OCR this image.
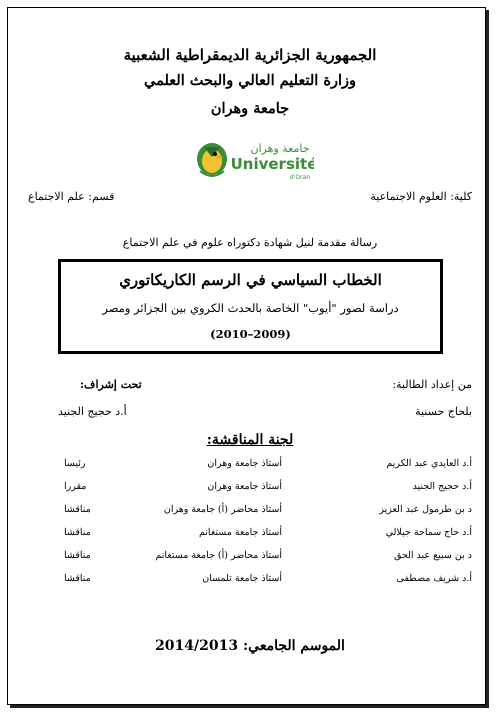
الجمهورية الجزائرية الديمقراطية الشعبية
وزارة التعليم العالي والبحث العلمي
جامعة وهران
جامعة وهران
Université
d'Oran
كلية: العلوم الاجتماعية
قسم: علم الاجتماع
رسالة مقدمة لنيل شهادة دكتوراه علوم في علم الاجتماع
الخطاب السياسي في الرسم الكاريكاتوري
دراسة لصور "أيوب" الخاصة بالحدث الكروي بين الجزائر ومصر
(2009–2010)
من إعداد الطالبة:
تحت إشراف:
بلحاج حسنية
أ.د حجيج الجنيد
لجنة المناقشة:
أ.د العايدي عبد الكريم
أستاذ جامعة وهران
رئيسا
أ.د حجيج الجنيد
أستاذ جامعة وهران
مقررا
د بن طرمول عبد العزيز
أستاذ محاضر (أ) جامعة وهران
مناقشا
أ.د حاج سماحة جيلالي
أستاذ جامعة مستغانم
مناقشا
د بن سبيع عبد الحق
أستاذ محاضر (أ) جامعة مستغانم
مناقشا
أ.د شريف مصطفى
أستاذ جامعة تلمسان
مناقشا
الموسم الجامعي: 2014/2013
